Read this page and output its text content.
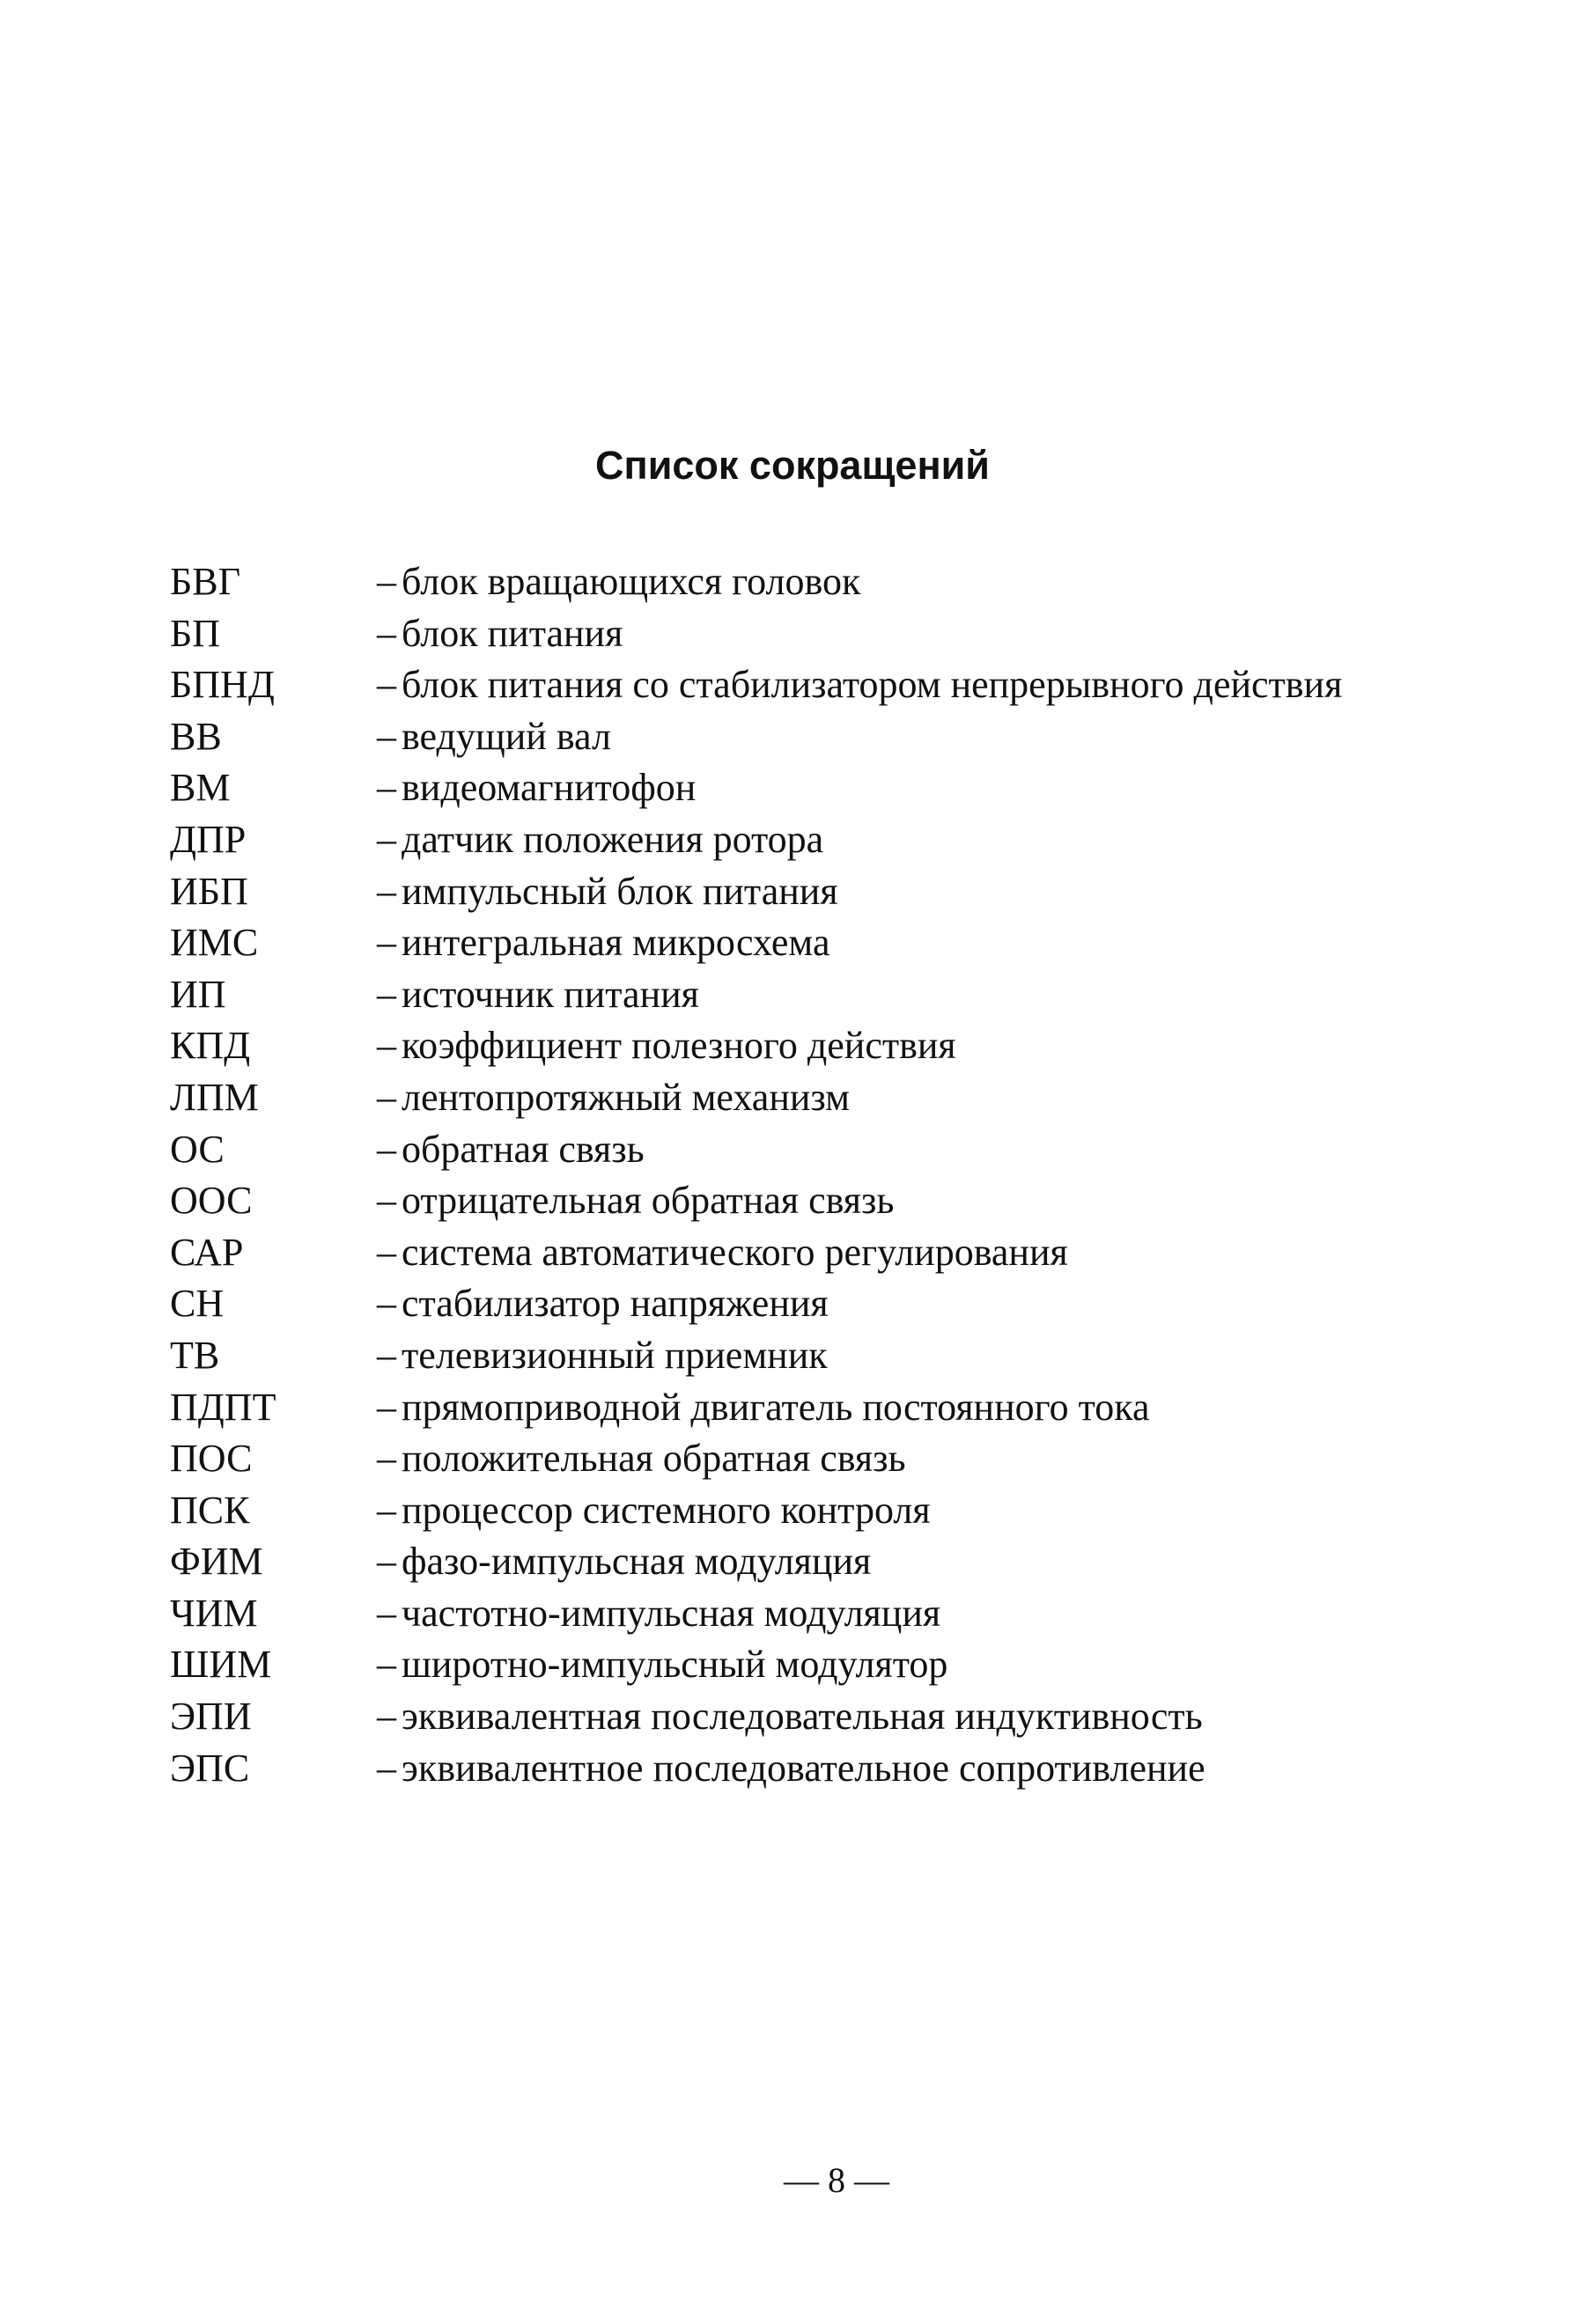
Список сокращений
БВГ	– блок вращающихся головок
БП	– блок питания
БПНД	– блок питания со стабилизатором непрерывного действия
ВВ	– ведущий вал
ВМ	– видеомагнитофон
ДПР	– датчик положения ротора
ИБП	– импульсный блок питания
ИМС	– интегральная микросхема
ИП	– источник питания
КПД	– коэффициент полезного действия
ЛПМ	– лентопротяжный механизм
ОС	– обратная связь
ООС	– отрицательная обратная связь
САР	– система автоматического регулирования
СН	– стабилизатор напряжения
ТВ	– телевизионный приемник
ПДПТ	– прямоприводной двигатель постоянного тока
ПОС	– положительная обратная связь
ПСК	– процессор системного контроля
ФИМ	– фазо-импульсная модуляция
ЧИМ	– частотно-импульсная модуляция
ШИМ	– широтно-импульсный модулятор
ЭПИ	– эквивалентная последовательная индуктивность
ЭПС	– эквивалентное последовательное сопротивление
— 8 —
